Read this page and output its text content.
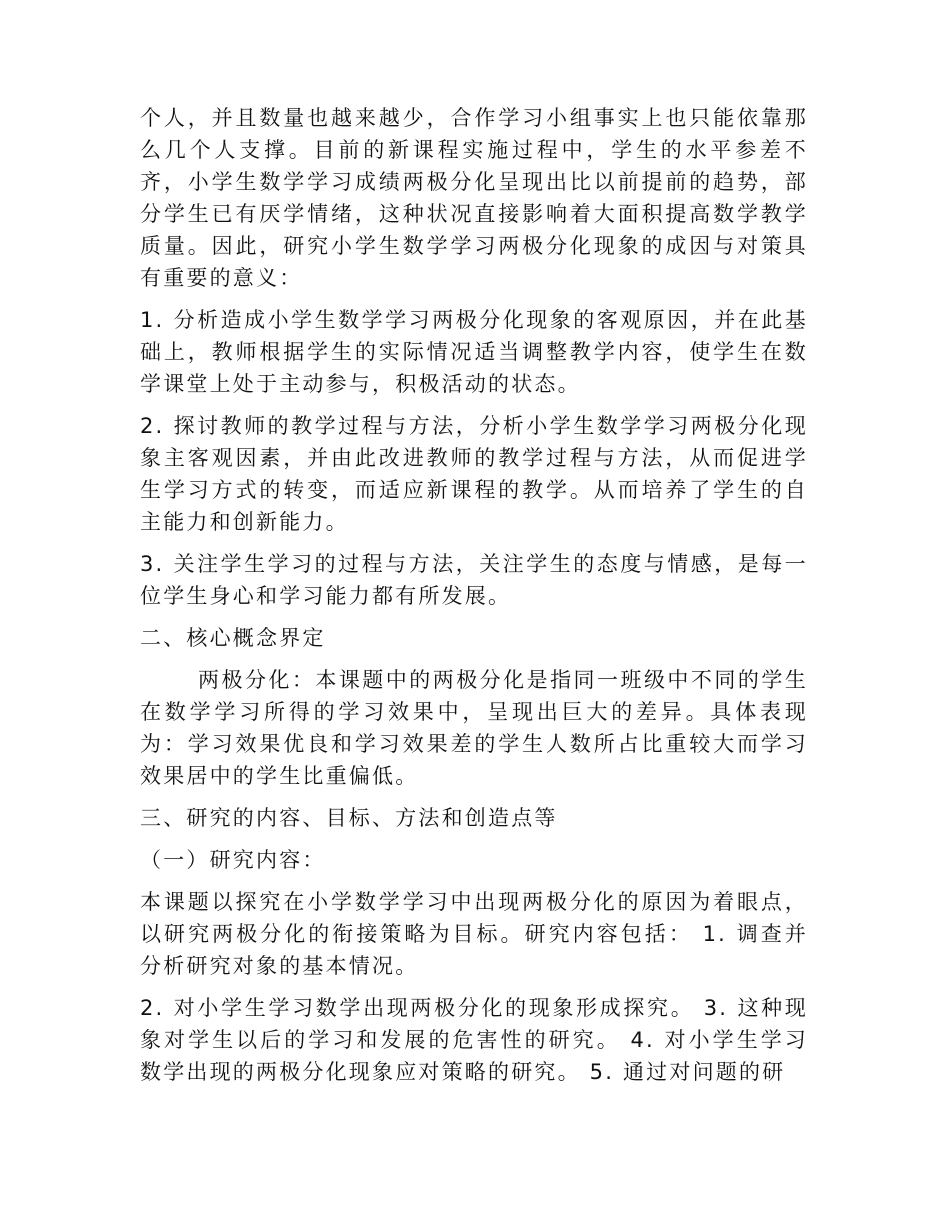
个人，并且数量也越来越少，合作学习小组事实上也只能依靠那么几个人支撑。目前的新课程实施过程中，学生的水平参差不齐，小学生数学学习成绩两极分化呈现出比以前提前的趋势，部分学生已有厌学情绪，这种状况直接影响着大面积提高数学教学质量。因此，研究小学生数学学习两极分化现象的成因与对策具有重要的意义：

1. 分析造成小学生数学学习两极分化现象的客观原因，并在此基础上，教师根据学生的实际情况适当调整教学内容，使学生在数学课堂上处于主动参与，积极活动的状态。

2. 探讨教师的教学过程与方法，分析小学生数学学习两极分化现象主客观因素，并由此改进教师的教学过程与方法，从而促进学生学习方式的转变，而适应新课程的教学。从而培养了学生的自主能力和创新能力。

3. 关注学生学习的过程与方法，关注学生的态度与情感，是每一位学生身心和学习能力都有所发展。

二、核心概念界定

两极分化：本课题中的两极分化是指同一班级中不同的学生在数学学习所得的学习效果中，呈现出巨大的差异。具体表现为：学习效果优良和学习效果差的学生人数所占比重较大而学习效果居中的学生比重偏低。

三、研究的内容、目标、方法和创造点等

（一）研究内容：

本课题以探究在小学数学学习中出现两极分化的原因为着眼点，以研究两极分化的衔接策略为目标。研究内容包括： 1. 调查并分析研究对象的基本情况。

2. 对小学生学习数学出现两极分化的现象形成探究。 3. 这种现象对学生以后的学习和发展的危害性的研究。 4. 对小学生学习数学出现的两极分化现象应对策略的研究。 5. 通过对问题的研
